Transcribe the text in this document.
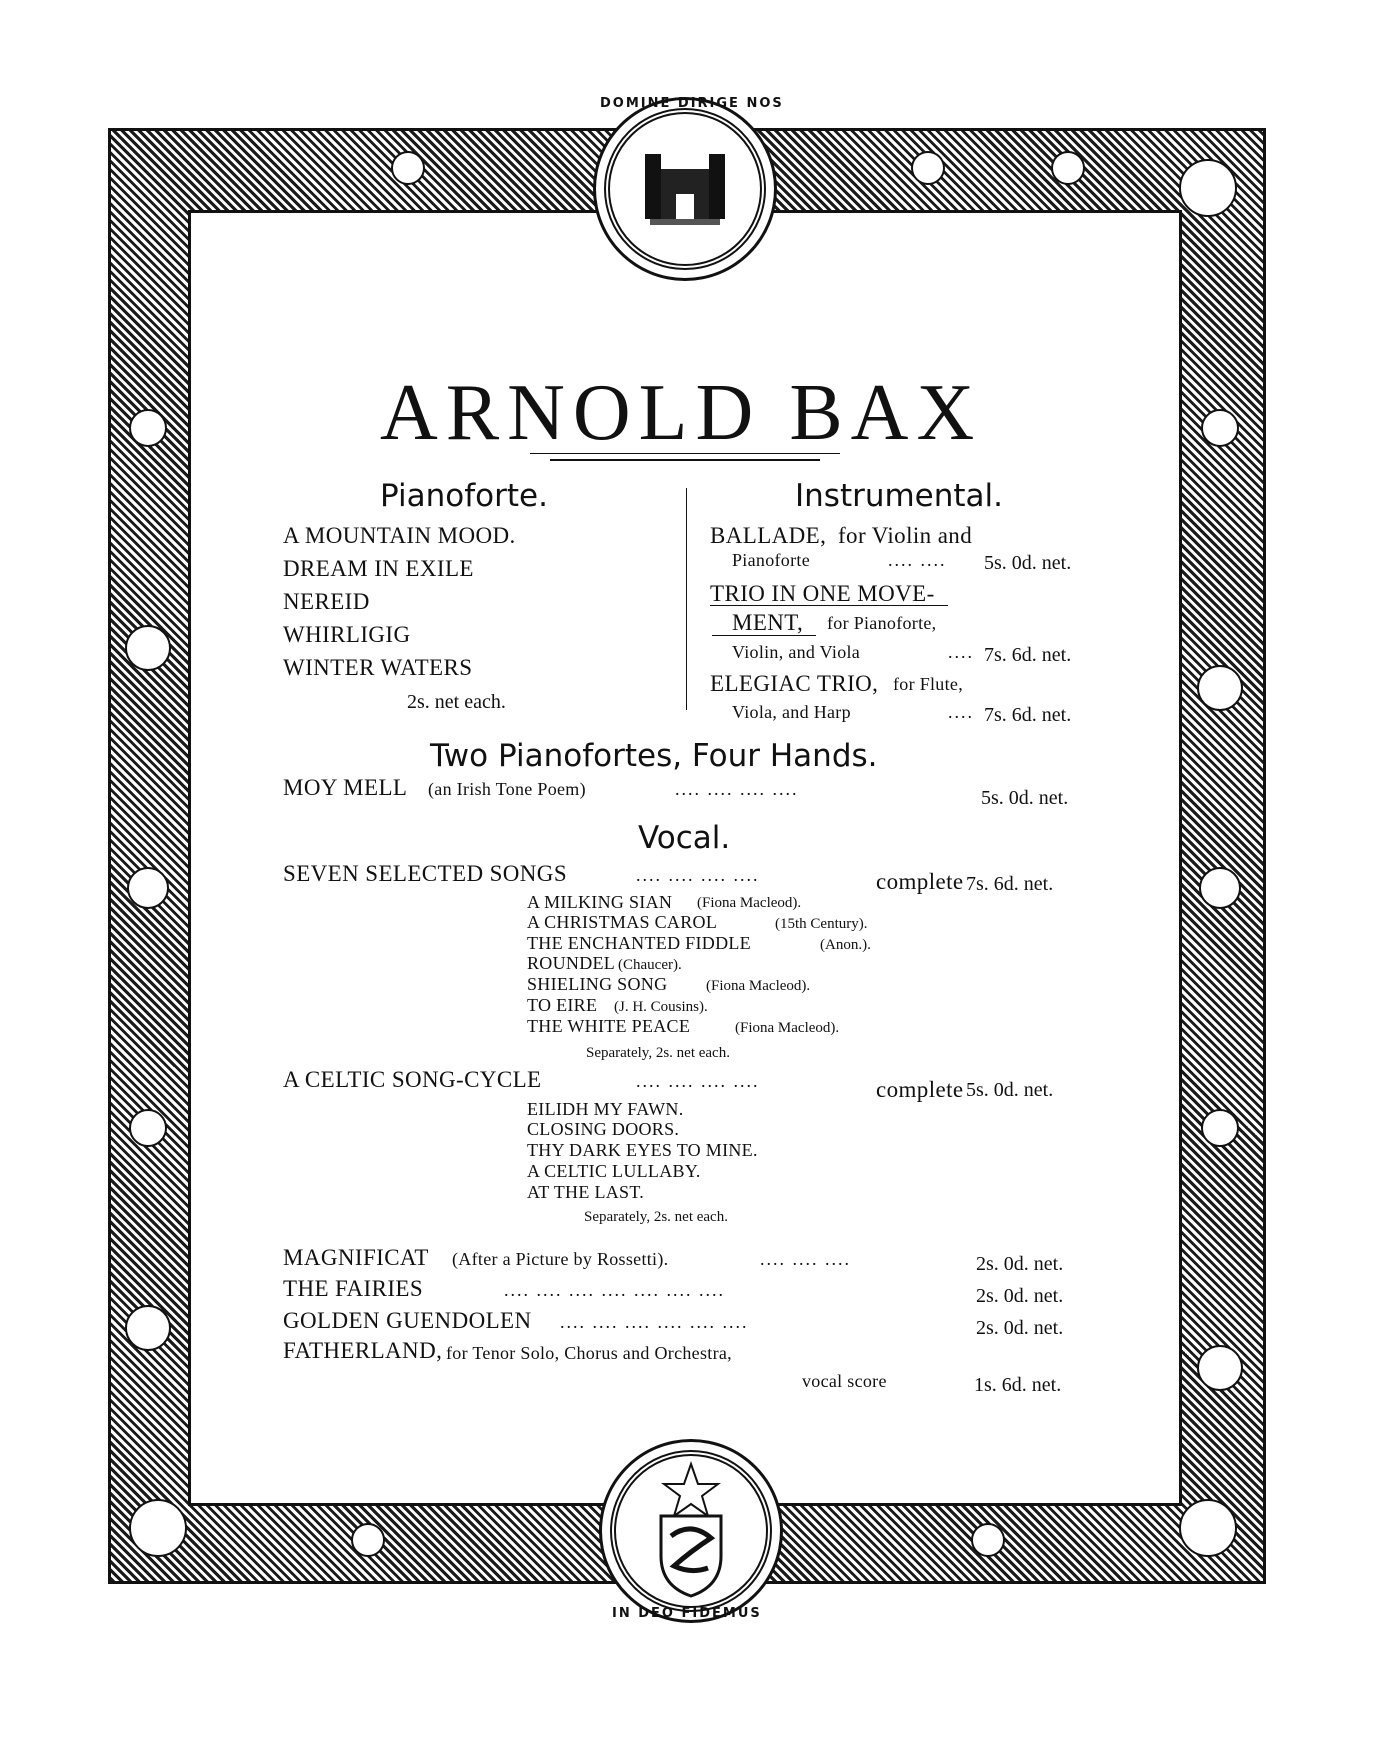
DOMINE DIRIGE NOS
IN DEO FIDEMUS
ARNOLD BAX
Pianoforte.
A MOUNTAIN MOOD.
DREAM IN EXILE
NEREID
WHIRLIGIG
WINTER WATERS
2s. net each.
Instrumental.
BALLADE, for Violin and
Pianoforte	.... .... 5s. 0d. net.
TRIO IN ONE MOVE-
MENT, for Pianoforte,
Violin, and Viola	.... 7s. 6d. net.
ELEGIAC TRIO, for Flute,
Viola, and Harp	.... 7s. 6d. net.
Two Pianofortes, Four Hands.
MOY MELL (an Irish Tone Poem)	.... .... .... ....	5s. 0d. net.
Vocal.
SEVEN SELECTED SONGS	.... .... .... ....	complete 7s. 6d. net.
A MILKING SIAN (Fiona Macleod).
A CHRISTMAS CAROL	(15th Century).
THE ENCHANTED FIDDLE	(Anon.).
ROUNDEL (Chaucer).
SHIELING SONG	(Fiona Macleod).
TO EIRE (J. H. Cousins).
THE WHITE PEACE	(Fiona Macleod).
Separately, 2s. net each.
A CELTIC SONG-CYCLE	.... .... .... ....	complete 5s. 0d. net.
EILIDH MY FAWN.
CLOSING DOORS.
THY DARK EYES TO MINE.
A CELTIC LULLABY.
AT THE LAST.
Separately, 2s. net each.
MAGNIFICAT (After a Picture by Rossetti).	.... .... ....	2s. 0d. net.
THE FAIRIES	.... .... .... .... .... .... ....	2s. 0d. net.
GOLDEN GUENDOLEN .... .... .... .... .... ....	2s. 0d. net.
FATHERLAND, for Tenor Solo, Chorus and Orchestra,
vocal score	1s. 6d. net.
